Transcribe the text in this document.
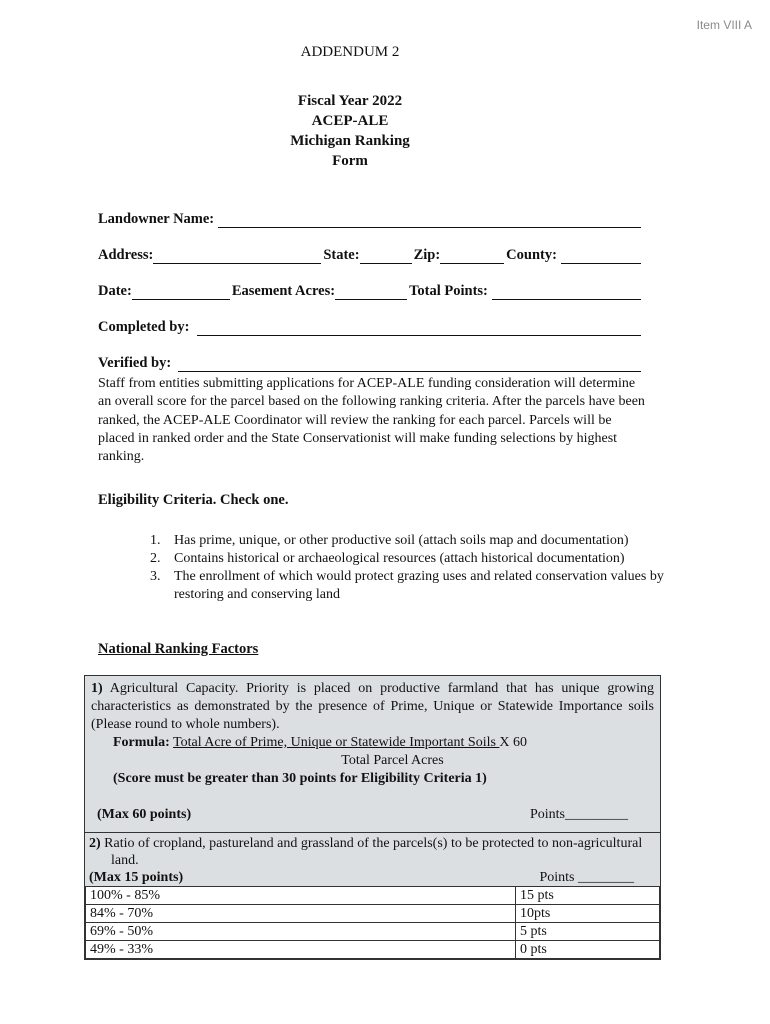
Item VIII A
ADDENDUM 2
Fiscal Year 2022
ACEP-ALE
Michigan Ranking
Form
Landowner Name:

Address:	State:	Zip:	County:

Date:	Easement Acres:	Total Points:

Completed by:

Verified by:

Staff from entities submitting applications for ACEP-ALE funding consideration will determine an overall score for the parcel based on the following ranking criteria. After the parcels have been ranked, the ACEP-ALE Coordinator will review the ranking for each parcel. Parcels will be placed in ranked order and the State Conservationist will make funding selections by highest ranking.
Eligibility Criteria. Check one.
1. Has prime, unique, or other productive soil (attach soils map and documentation)
2. Contains historical or archaeological resources (attach historical documentation)
3. The enrollment of which would protect grazing uses and related conservation values by restoring and conserving land
National Ranking Factors
1) Agricultural Capacity. Priority is placed on productive farmland that has unique growing characteristics as demonstrated by the presence of Prime, Unique or Statewide Importance soils (Please round to whole numbers).
Formula: Total Acre of Prime, Unique or Statewide Important Soils X 60
Total Parcel Acres
(Score must be greater than 30 points for Eligibility Criteria 1)
(Max 60 points)	Points_________
2) Ratio of cropland, pastureland and grassland of the parcels(s) to be protected to non-agricultural land.
(Max 15 points)	Points ________
100% - 85%	15 pts
84% - 70%	10pts
69% - 50%	5 pts
49% - 33%	0 pts
